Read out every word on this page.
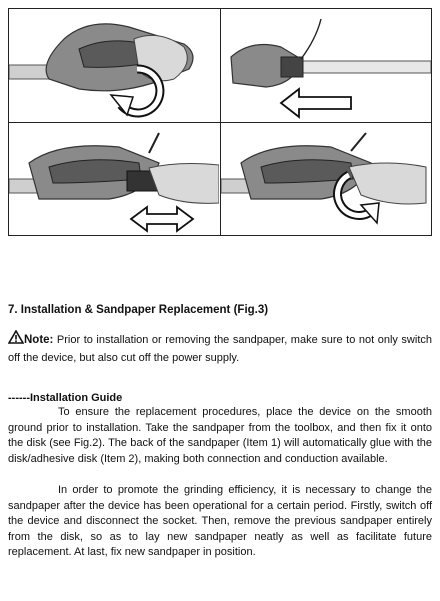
7. Installation & Sandpaper Replacement (Fig.3)
Note: Prior to installation or removing the sandpaper, make sure to not only switch off the device, but also cut off the power supply.
------Installation Guide
To ensure the replacement procedures, place the device on the smooth ground prior to installation. Take the sandpaper from the toolbox, and then fix it onto the disk (see Fig.2). The back of the sandpaper (Item 1) will automatically glue with the disk/adhesive disk (Item 2), making both connection and conduction available.
In order to promote the grinding efficiency, it is necessary to change the sandpaper after the device has been operational for a certain period. Firstly, switch off the device and disconnect the socket. Then, remove the previous sandpaper entirely from the disk, so as to lay new sandpaper neatly as well as facilitate future replacement. At last, fix new sandpaper in position.
